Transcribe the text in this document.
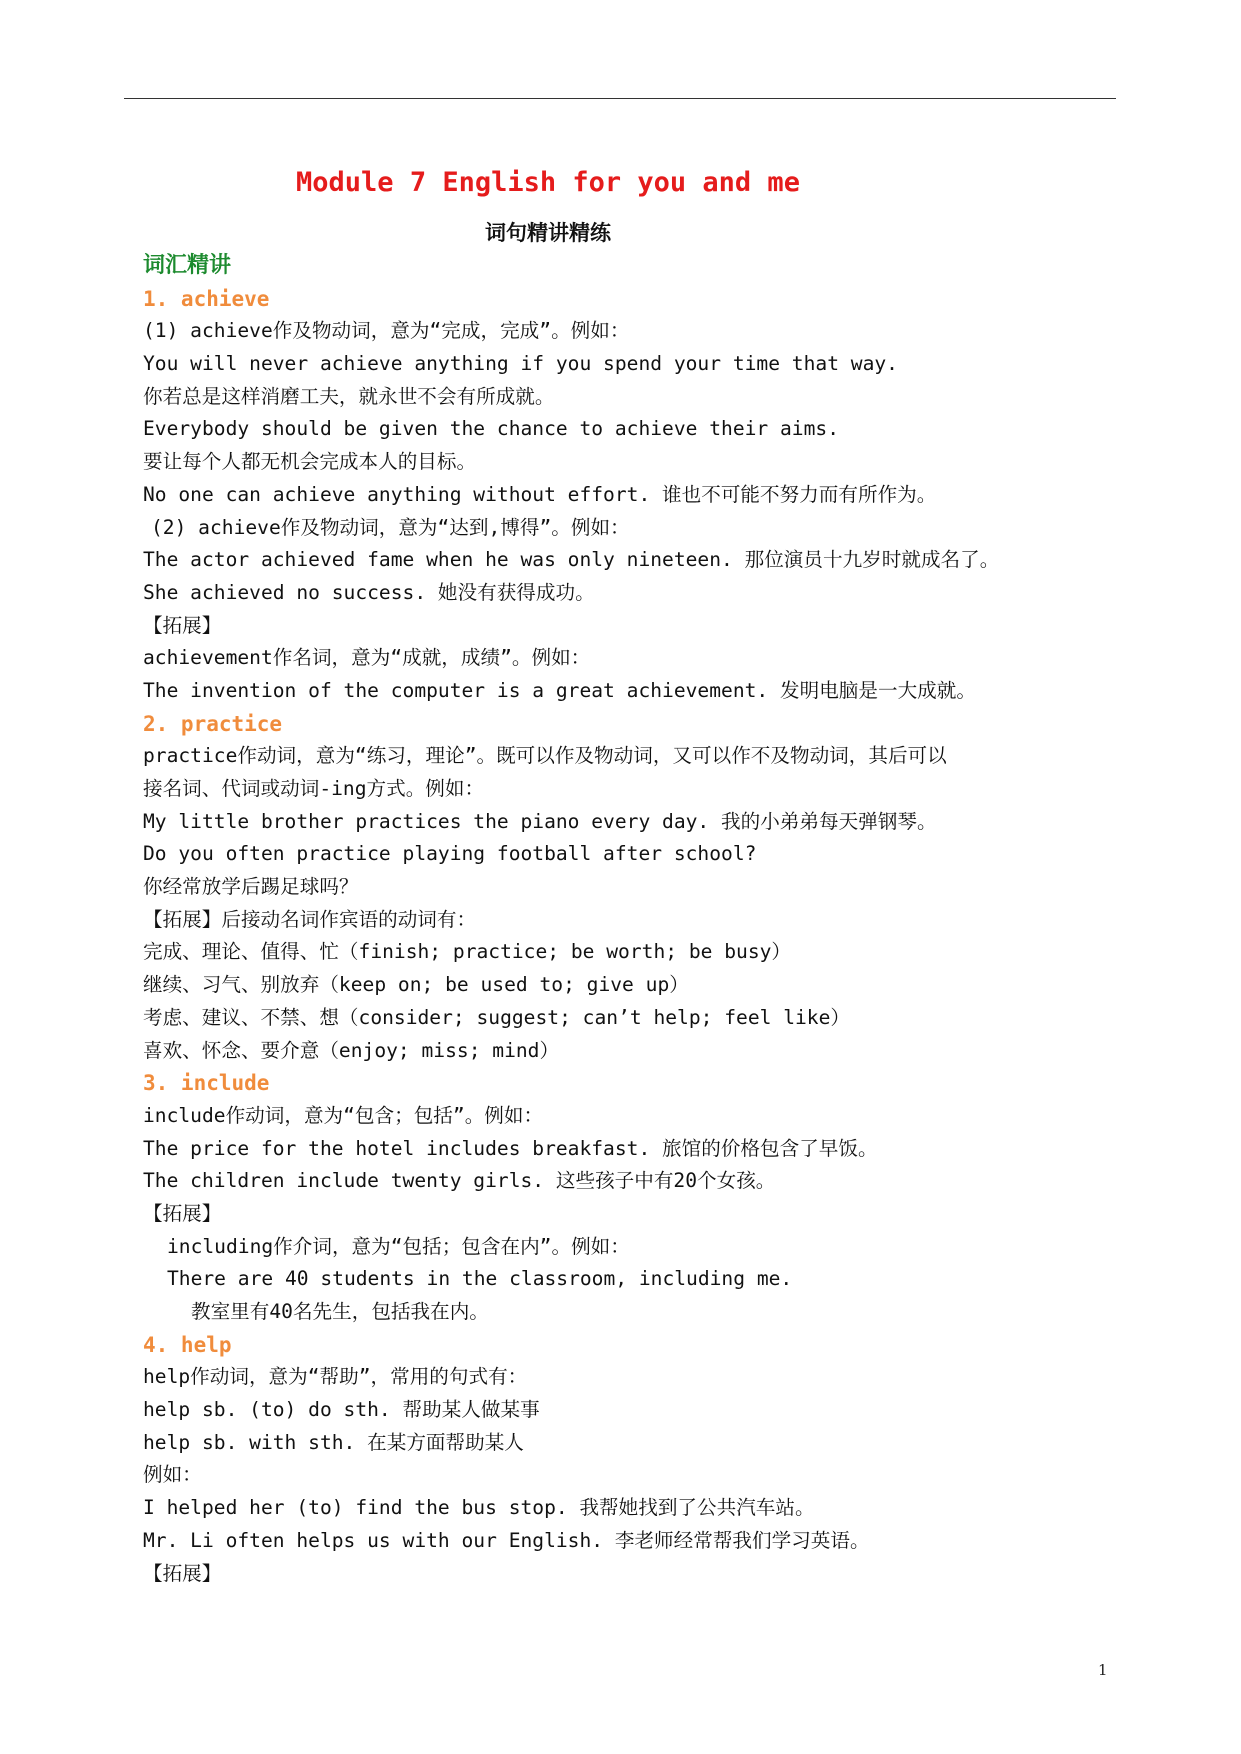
Module 7 English for you and me
词句精讲精练
词汇精讲
1. achieve
(1) achieve作及物动词，意为“完成，完成”。例如：
You will never achieve anything if you spend your time that way.
你若总是这样消磨工夫，就永世不会有所成就。
Everybody should be given the chance to achieve their aims.
要让每个人都无机会完成本人的目标。
No one can achieve anything without effort. 谁也不可能不努力而有所作为。
(2) achieve作及物动词，意为“达到,博得”。例如：
The actor achieved fame when he was only nineteen. 那位演员十九岁时就成名了。
She achieved no success. 她没有获得成功。
【拓展】
achievement作名词，意为“成就，成绩”。例如：
The invention of the computer is a great achievement. 发明电脑是一大成就。
2. practice
practice作动词，意为“练习，理论”。既可以作及物动词，又可以作不及物动词，其后可以
接名词、代词或动词-ing方式。例如：
My little brother practices the piano every day. 我的小弟弟每天弹钢琴。
Do you often practice playing football after school?
你经常放学后踢足球吗？
【拓展】后接动名词作宾语的动词有：
完成、理论、值得、忙（finish; practice; be worth; be busy）
继续、习气、别放弃（keep on; be used to; give up）
考虑、建议、不禁、想（consider; suggest; can’t help; feel like）
喜欢、怀念、要介意（enjoy; miss; mind）
3. include
include作动词，意为“包含；包括”。例如：
The price for the hotel includes breakfast. 旅馆的价格包含了早饭。
The children include twenty girls. 这些孩子中有20个女孩。
【拓展】
including作介词，意为“包括；包含在内”。例如：
There are 40 students in the classroom, including me.
教室里有40名先生，包括我在内。
4. help
help作动词，意为“帮助”，常用的句式有：
help sb. (to) do sth. 帮助某人做某事
help sb. with sth. 在某方面帮助某人
例如：
I helped her (to) find the bus stop. 我帮她找到了公共汽车站。
Mr. Li often helps us with our English. 李老师经常帮我们学习英语。
【拓展】
1
